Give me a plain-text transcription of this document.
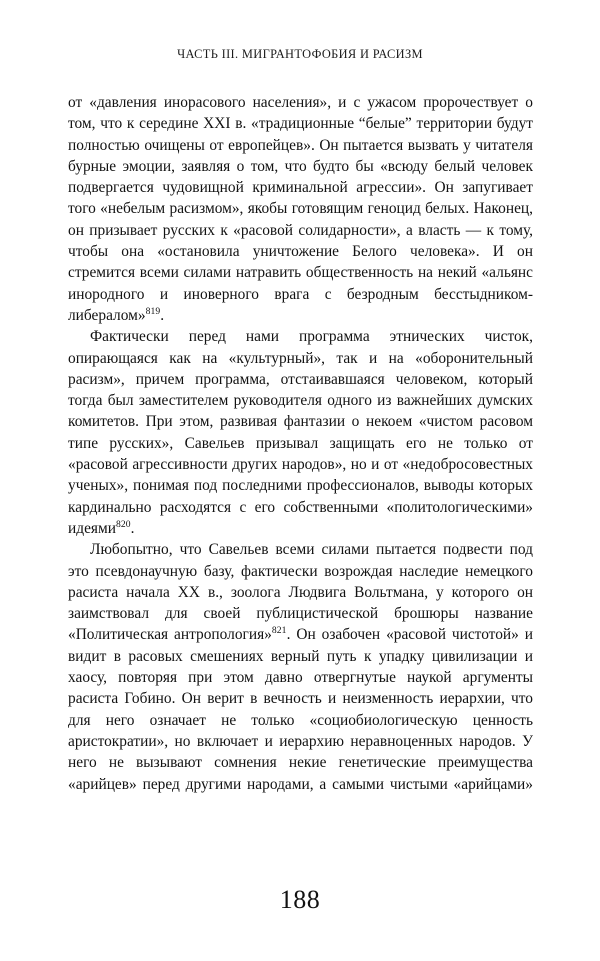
ЧАСТЬ III. МИГРАНТОФОБИЯ И РАСИЗМ

от «давления инорасового населения», и с ужасом пророчествует о том, что к середине XXI в. «традиционные “белые” территории будут полностью очищены от европейцев». Он пытается вызвать у читателя бурные эмоции, заявляя о том, что будто бы «всюду белый человек подвергается чудовищной криминальной агрессии». Он запугивает того «небелым расизмом», якобы готовящим геноцид белых. Наконец, он призывает русских к «расовой солидарности», а власть — к тому, чтобы она «остановила уничтожение Белого человека». И он стремится всеми силами натравить общественность на некий «альянс инородного и иноверного врага с безродным бесстыдником-либералом»$^{819}$.

Фактически перед нами программа этнических чисток, опирающаяся как на «культурный», так и на «оборонительный расизм», причем программа, отстаивавшаяся человеком, который тогда был заместителем руководителя одного из важнейших думских комитетов. При этом, развивая фантазии о некоем «чистом расовом типе русских», Савельев призывал защищать его не только от «расовой агрессивности других народов», но и от «недобросовестных ученых», понимая под последними профессионалов, выводы которых кардинально расходятся с его собственными «политологическими» идеями$^{820}$.

Любопытно, что Савельев всеми силами пытается подвести под это псевдонаучную базу, фактически возрождая наследие немецкого расиста начала XX в., зоолога Людвига Вольтмана, у которого он заимствовал для своей публицистической брошюры название «Политическая антропология»$^{821}$. Он озабочен «расовой чистотой» и видит в расовых смешениях верный путь к упадку цивилизации и хаосу, повторяя при этом давно отвергнутые наукой аргументы расиста Гобино. Он верит в вечность и неизменность иерархии, что для него означает не только «социобиологическую ценность аристократии», но включает и иерархию неравноценных народов. У него не вызывают сомнения некие генетические преимущества «арийцев» перед другими народами, а самыми чистыми «арийцами»

188
